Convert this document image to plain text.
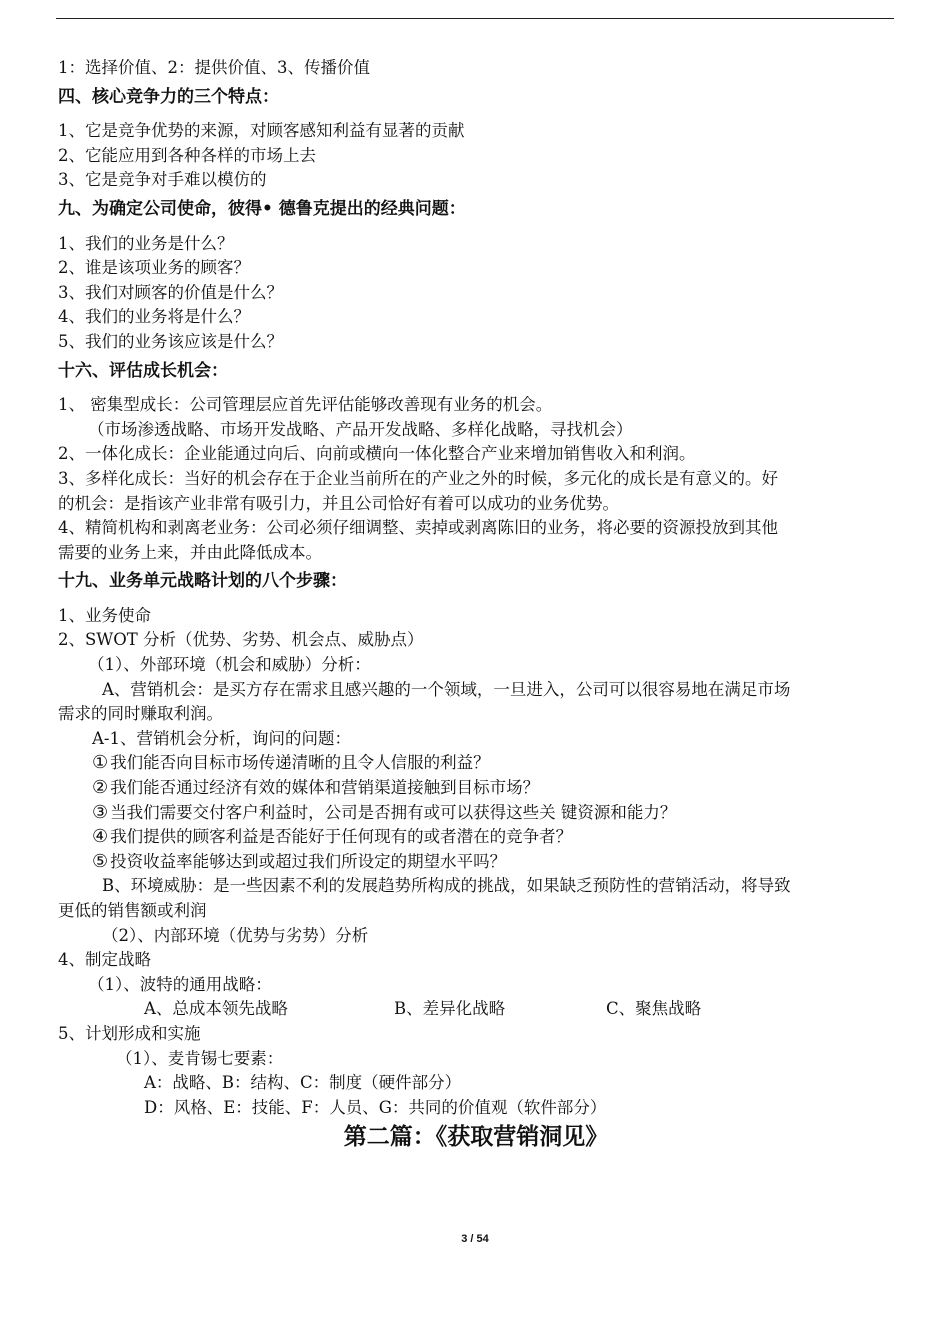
1：选择价值、2：提供价值、3、传播价值
四、核心竞争力的三个特点：
1、它是竞争优势的来源，对顾客感知利益有显著的贡献
2、它能应用到各种各样的市场上去
3、它是竞争对手难以模仿的
九、为确定公司使命，彼得• 德鲁克提出的经典问题：
1、我们的业务是什么？
2、谁是该项业务的顾客？
3、我们对顾客的价值是什么？
4、我们的业务将是什么？
5、我们的业务该应该是什么？
十六、评估成长机会：
1、 密集型成长：公司管理层应首先评估能够改善现有业务的机会。
（市场渗透战略、市场开发战略、产品开发战略、多样化战略，寻找机会）
2、一体化成长：企业能通过向后、向前或横向一体化整合产业来增加销售收入和利润。
3、多样化成长：当好的机会存在于企业当前所在的产业之外的时候，多元化的成长是有意义的。好
的机会：是指该产业非常有吸引力，并且公司恰好有着可以成功的业务优势。
4、精简机构和剥离老业务：公司必须仔细调整、卖掉或剥离陈旧的业务，将必要的资源投放到其他
需要的业务上来，并由此降低成本。
十九、业务单元战略计划的八个步骤：
1、业务使命
2、SWOT 分析（优势、劣势、机会点、威胁点）
（1）、外部环境（机会和威胁）分析：
A、营销机会：是买方存在需求且感兴趣的一个领域，一旦进入，公司可以很容易地在满足市场
需求的同时赚取利润。
A-1、营销机会分析，询问的问题：
① 我们能否向目标市场传递清晰的且令人信服的利益？
② 我们能否通过经济有效的媒体和营销渠道接触到目标市场？
③ 当我们需要交付客户利益时，公司是否拥有或可以获得这些关 键资源和能力？
④ 我们提供的顾客利益是否能好于任何现有的或者潜在的竞争者？
⑤ 投资收益率能够达到或超过我们所设定的期望水平吗？
B、环境威胁：是一些因素不利的发展趋势所构成的挑战，如果缺乏预防性的营销活动，将导致
更低的销售额或利润
（2）、内部环境（优势与劣势）分析
4、制定战略
（1）、波特的通用战略：
A、总成本领先战略	B、差异化战略	C、聚焦战略
5、计划形成和实施
（1）、麦肯锡七要素：
A：战略、B：结构、C：制度（硬件部分）
D：风格、E：技能、F：人员、G：共同的价值观（软件部分）
第二篇：《获取营销洞见》
3 / 54
